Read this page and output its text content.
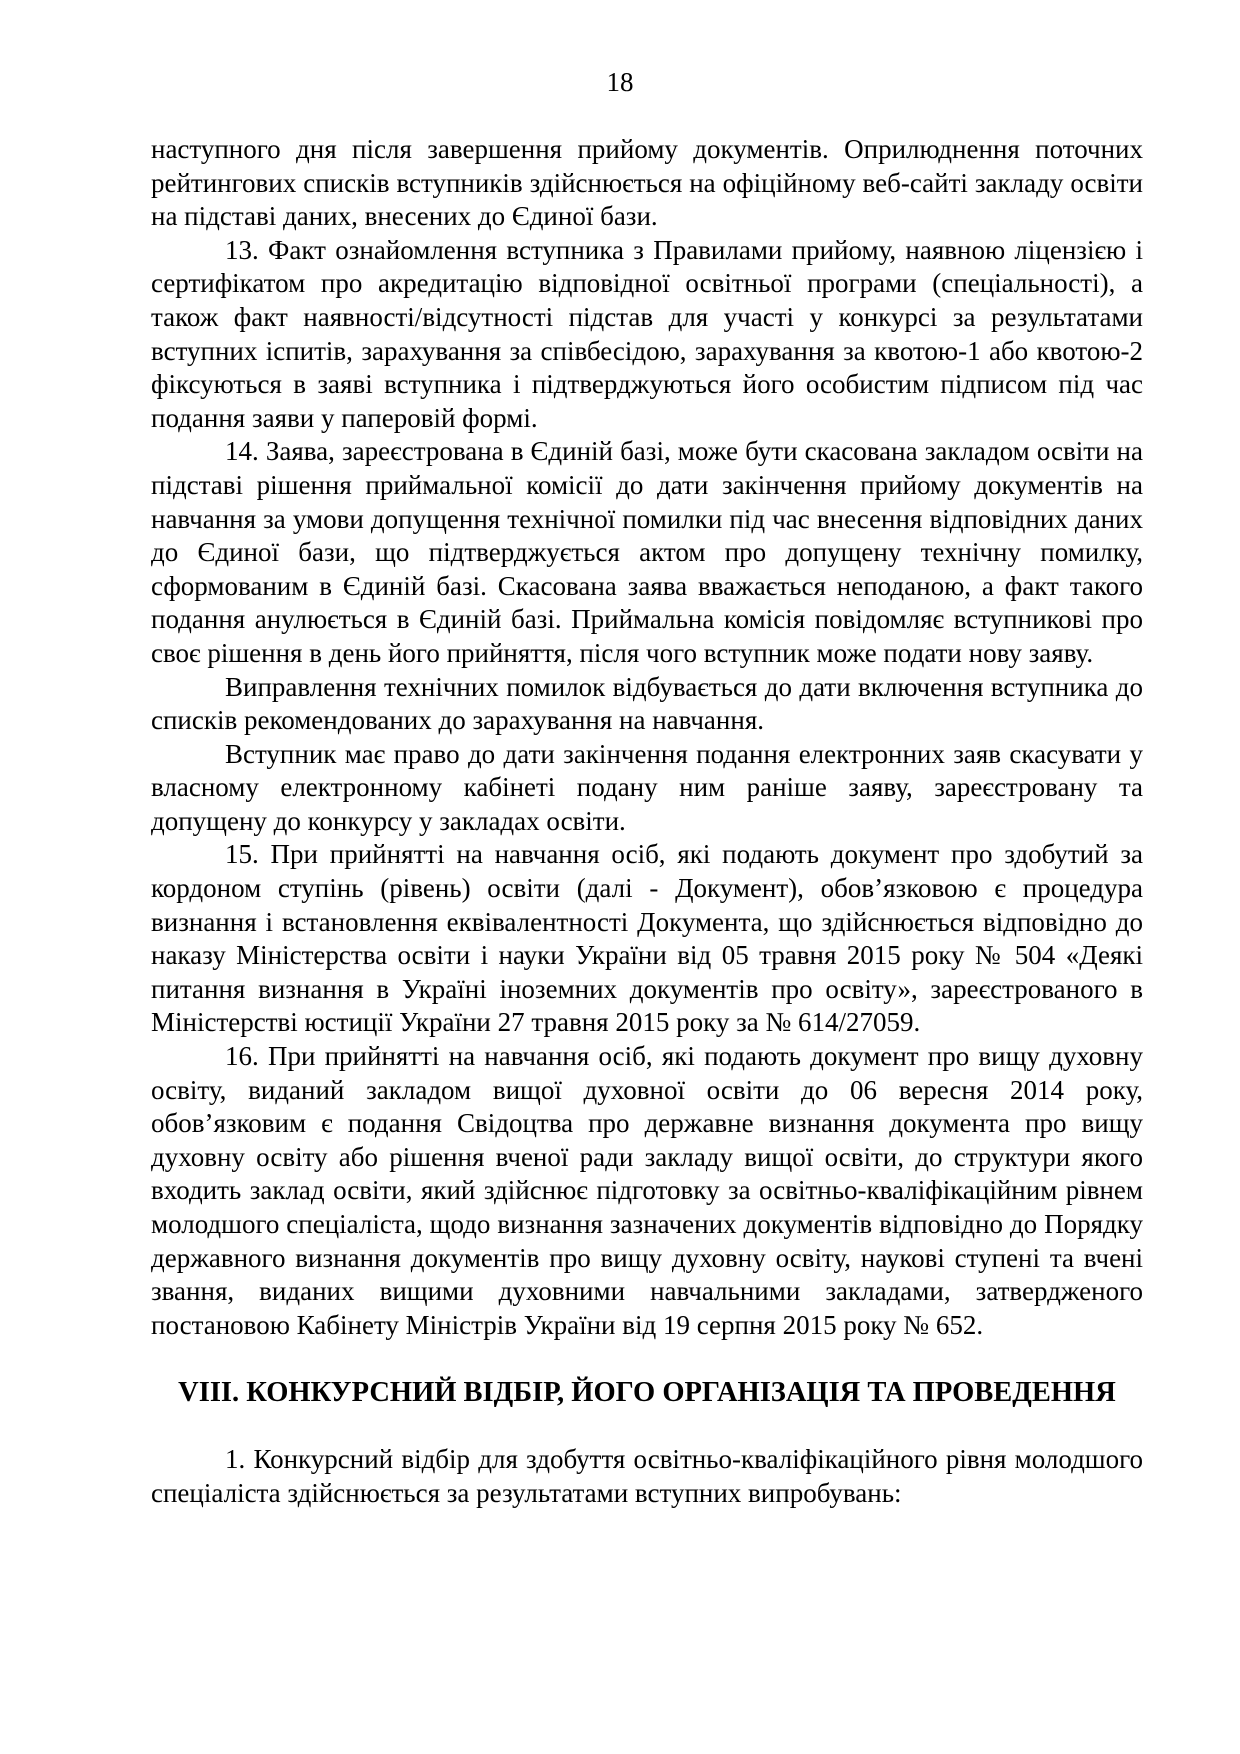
18

наступного дня після завершення прийому документів. Оприлюднення поточних рейтингових списків вступників здійснюється на офіційному веб-сайті закладу освіти на підставі даних, внесених до Єдиної бази.

13. Факт ознайомлення вступника з Правилами прийому, наявною ліцензією і сертифікатом про акредитацію відповідної освітньої програми (спеціальності), а також факт наявності/відсутності підстав для участі у конкурсі за результатами вступних іспитів, зарахування за співбесідою, зарахування за квотою-1 або квотою-2 фіксуються в заяві вступника і підтверджуються його особистим підписом під час подання заяви у паперовій формі.

14. Заява, зареєстрована в Єдиній базі, може бути скасована закладом освіти на підставі рішення приймальної комісії до дати закінчення прийому документів на навчання за умови допущення технічної помилки під час внесення відповідних даних до Єдиної бази, що підтверджується актом про допущену технічну помилку, сформованим в Єдиній базі. Скасована заява вважається неподаною, а факт такого подання анулюється в Єдиній базі. Приймальна комісія повідомляє вступникові про своє рішення в день його прийняття, після чого вступник може подати нову заяву.

Виправлення технічних помилок відбувається до дати включення вступника до списків рекомендованих до зарахування на навчання.

Вступник має право до дати закінчення подання електронних заяв скасувати у власному електронному кабінеті подану ним раніше заяву, зареєстровану та допущену до конкурсу у закладах освіти.

15. При прийнятті на навчання осіб, які подають документ про здобутий за кордоном ступінь (рівень) освіти (далі - Документ), обов’язковою є процедура визнання і встановлення еквівалентності Документа, що здійснюється відповідно до наказу Міністерства освіти і науки України від 05 травня 2015 року № 504 «Деякі питання визнання в Україні іноземних документів про освіту», зареєстрованого в Міністерстві юстиції України 27 травня 2015 року за № 614/27059.

16. При прийнятті на навчання осіб, які подають документ про вищу духовну освіту, виданий закладом вищої духовної освіти до 06 вересня 2014 року, обов’язковим є подання Свідоцтва про державне визнання документа про вищу духовну освіту або рішення вченої ради закладу вищої освіти, до структури якого входить заклад освіти, який здійснює підготовку за освітньо-кваліфікаційним рівнем молодшого спеціаліста, щодо визнання зазначених документів відповідно до Порядку державного визнання документів про вищу духовну освіту, наукові ступені та вчені звання, виданих вищими духовними навчальними закладами, затвердженого постановою Кабінету Міністрів України від 19 серпня 2015 року № 652.

VIII. КОНКУРСНИЙ ВІДБІР, ЙОГО ОРГАНІЗАЦІЯ ТА ПРОВЕДЕННЯ

1. Конкурсний відбір для здобуття освітньо-кваліфікаційного рівня молодшого спеціаліста здійснюється за результатами вступних випробувань:
